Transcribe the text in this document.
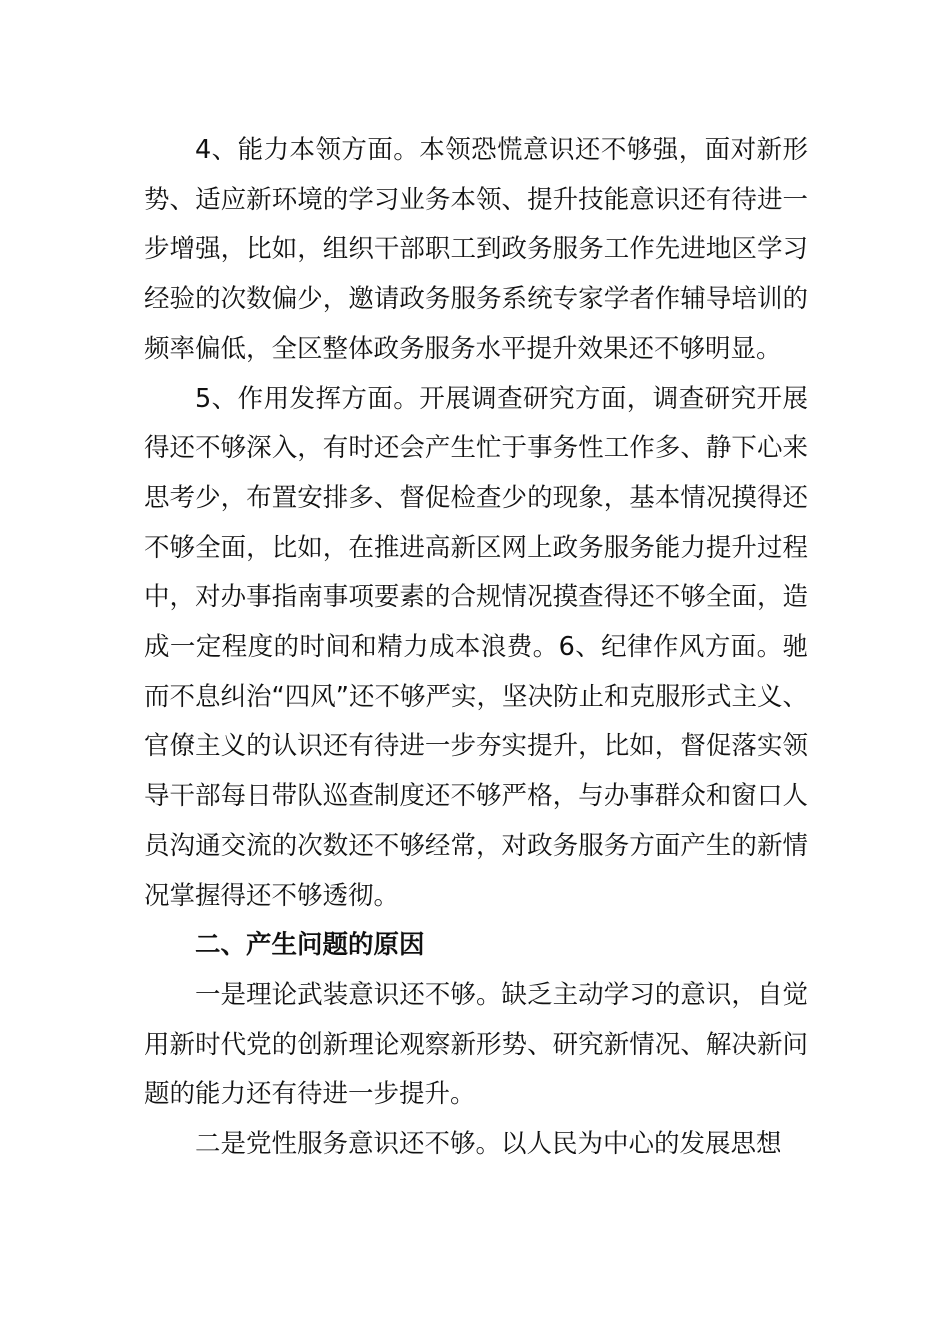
4、能力本领方面。本领恐慌意识还不够强，面对新形势、适应新环境的学习业务本领、提升技能意识还有待进一步增强，比如，组织干部职工到政务服务工作先进地区学习经验的次数偏少，邀请政务服务系统专家学者作辅导培训的频率偏低，全区整体政务服务水平提升效果还不够明显。

5、作用发挥方面。开展调查研究方面，调查研究开展得还不够深入，有时还会产生忙于事务性工作多、静下心来思考少，布置安排多、督促检查少的现象，基本情况摸得还不够全面，比如，在推进高新区网上政务服务能力提升过程中，对办事指南事项要素的合规情况摸查得还不够全面，造成一定程度的时间和精力成本浪费。6、纪律作风方面。驰而不息纠治“四风”还不够严实，坚决防止和克服形式主义、官僚主义的认识还有待进一步夯实提升，比如，督促落实领导干部每日带队巡查制度还不够严格，与办事群众和窗口人员沟通交流的次数还不够经常，对政务服务方面产生的新情况掌握得还不够透彻。

二、产生问题的原因

一是理论武装意识还不够。缺乏主动学习的意识，自觉用新时代党的创新理论观察新形势、研究新情况、解决新问题的能力还有待进一步提升。

二是党性服务意识还不够。以人民为中心的发展思想
